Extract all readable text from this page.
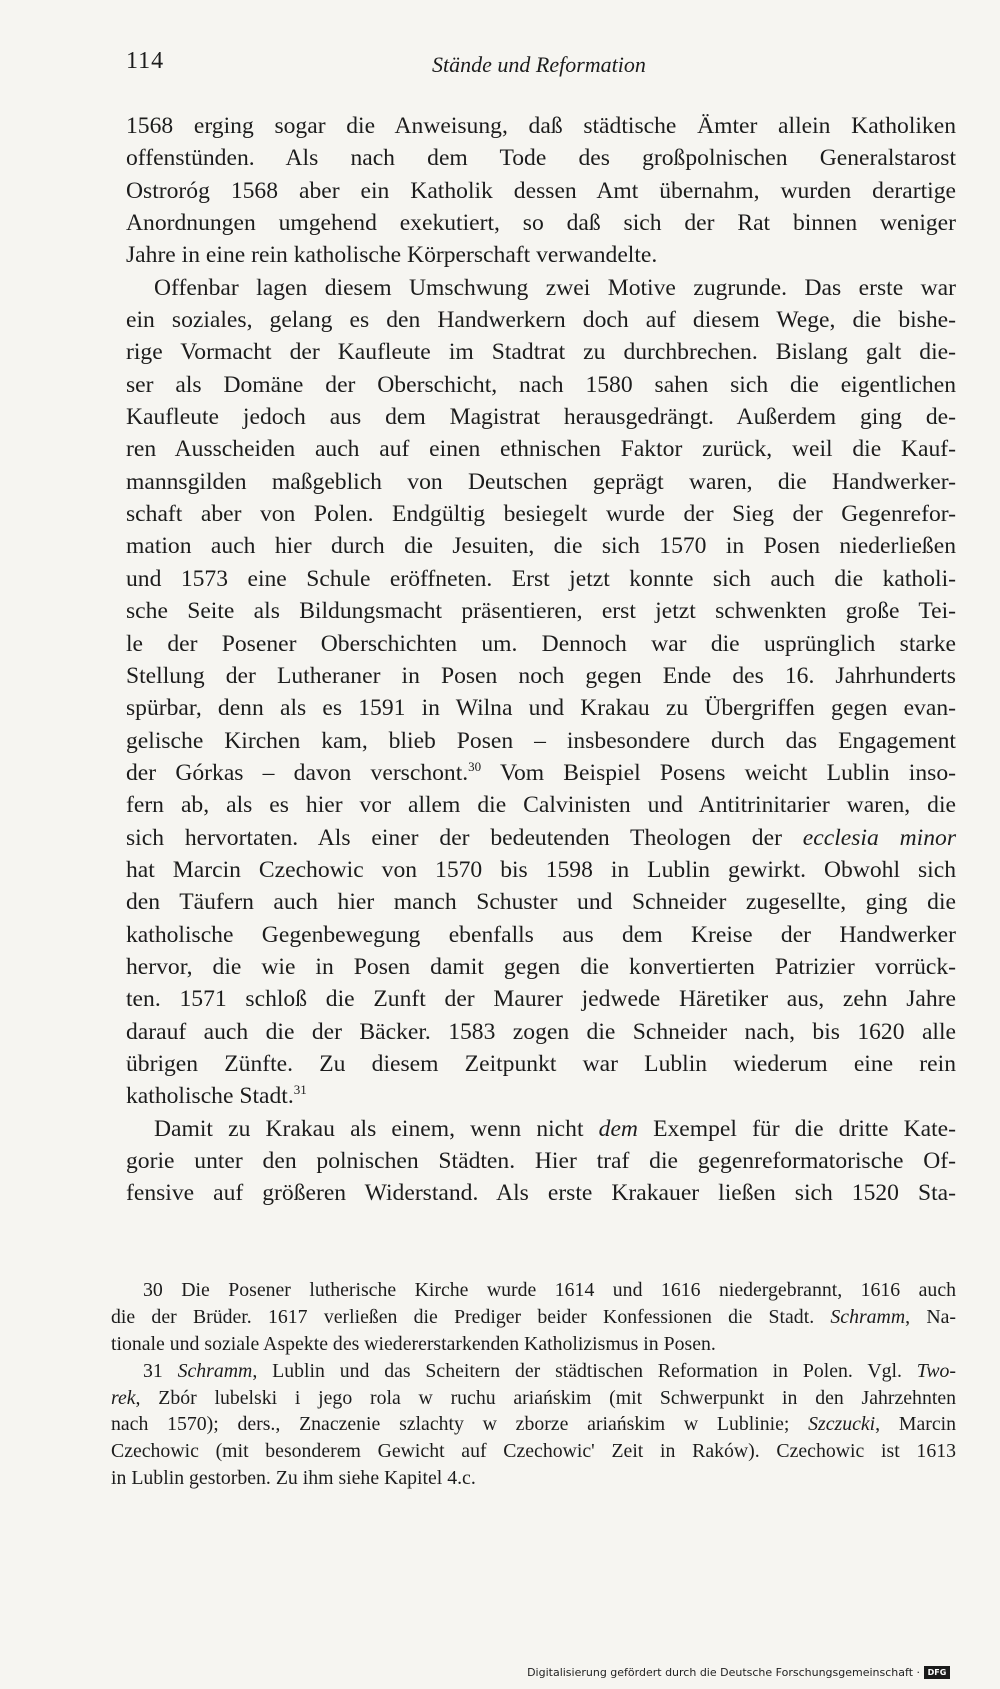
114	Stände und Reformation
1568 erging sogar die Anweisung, daß städtische Ämter allein Katholiken
offenstünden. Als nach dem Tode des großpolnischen Generalstarost
Ostroróg 1568 aber ein Katholik dessen Amt übernahm, wurden derartige
Anordnungen umgehend exekutiert, so daß sich der Rat binnen weniger
Jahre in eine rein katholische Körperschaft verwandelte.
Offenbar lagen diesem Umschwung zwei Motive zugrunde. Das erste war
ein soziales, gelang es den Handwerkern doch auf diesem Wege, die bishe-
rige Vormacht der Kaufleute im Stadtrat zu durchbrechen. Bislang galt die-
ser als Domäne der Oberschicht, nach 1580 sahen sich die eigentlichen
Kaufleute jedoch aus dem Magistrat herausgedrängt. Außerdem ging de-
ren Ausscheiden auch auf einen ethnischen Faktor zurück, weil die Kauf-
mannsgilden maßgeblich von Deutschen geprägt waren, die Handwerker-
schaft aber von Polen. Endgültig besiegelt wurde der Sieg der Gegenrefor-
mation auch hier durch die Jesuiten, die sich 1570 in Posen niederließen
und 1573 eine Schule eröffneten. Erst jetzt konnte sich auch die katholi-
sche Seite als Bildungsmacht präsentieren, erst jetzt schwenkten große Tei-
le der Posener Oberschichten um. Dennoch war die usprünglich starke
Stellung der Lutheraner in Posen noch gegen Ende des 16. Jahrhunderts
spürbar, denn als es 1591 in Wilna und Krakau zu Übergriffen gegen evan-
gelische Kirchen kam, blieb Posen – insbesondere durch das Engagement
der Górkas – davon verschont.$^{30}$ Vom Beispiel Posens weicht Lublin inso-
fern ab, als es hier vor allem die Calvinisten und Antitrinitarier waren, die
sich hervortaten. Als einer der bedeutenden Theologen der ecclesia minor
hat Marcin Czechowic von 1570 bis 1598 in Lublin gewirkt. Obwohl sich
den Täufern auch hier manch Schuster und Schneider zugesellte, ging die
katholische Gegenbewegung ebenfalls aus dem Kreise der Handwerker
hervor, die wie in Posen damit gegen die konvertierten Patrizier vorrück-
ten. 1571 schloß die Zunft der Maurer jedwede Häretiker aus, zehn Jahre
darauf auch die der Bäcker. 1583 zogen die Schneider nach, bis 1620 alle
übrigen Zünfte. Zu diesem Zeitpunkt war Lublin wiederum eine rein
katholische Stadt.$^{31}$
Damit zu Krakau als einem, wenn nicht dem Exempel für die dritte Kate-
gorie unter den polnischen Städten. Hier traf die gegenreformatorische Of-
fensive auf größeren Widerstand. Als erste Krakauer ließen sich 1520 Sta-
30 Die Posener lutherische Kirche wurde 1614 und 1616 niedergebrannt, 1616 auch
die der Brüder. 1617 verließen die Prediger beider Konfessionen die Stadt. Schramm, Na-
tionale und soziale Aspekte des wiedererstarkenden Katholizismus in Posen.
31 Schramm, Lublin und das Scheitern der städtischen Reformation in Polen. Vgl. Two-
rek, Zbór lubelski i jego rola w ruchu ariańskim (mit Schwerpunkt in den Jahrzehnten
nach 1570); ders., Znaczenie szlachty w zborze ariańskim w Lublinie; Szczucki, Marcin
Czechowic (mit besonderem Gewicht auf Czechowic' Zeit in Raków). Czechowic ist 1613
in Lublin gestorben. Zu ihm siehe Kapitel 4.c.
Digitalisierung gefördert durch die Deutsche Forschungsgemeinschaft · DFG
